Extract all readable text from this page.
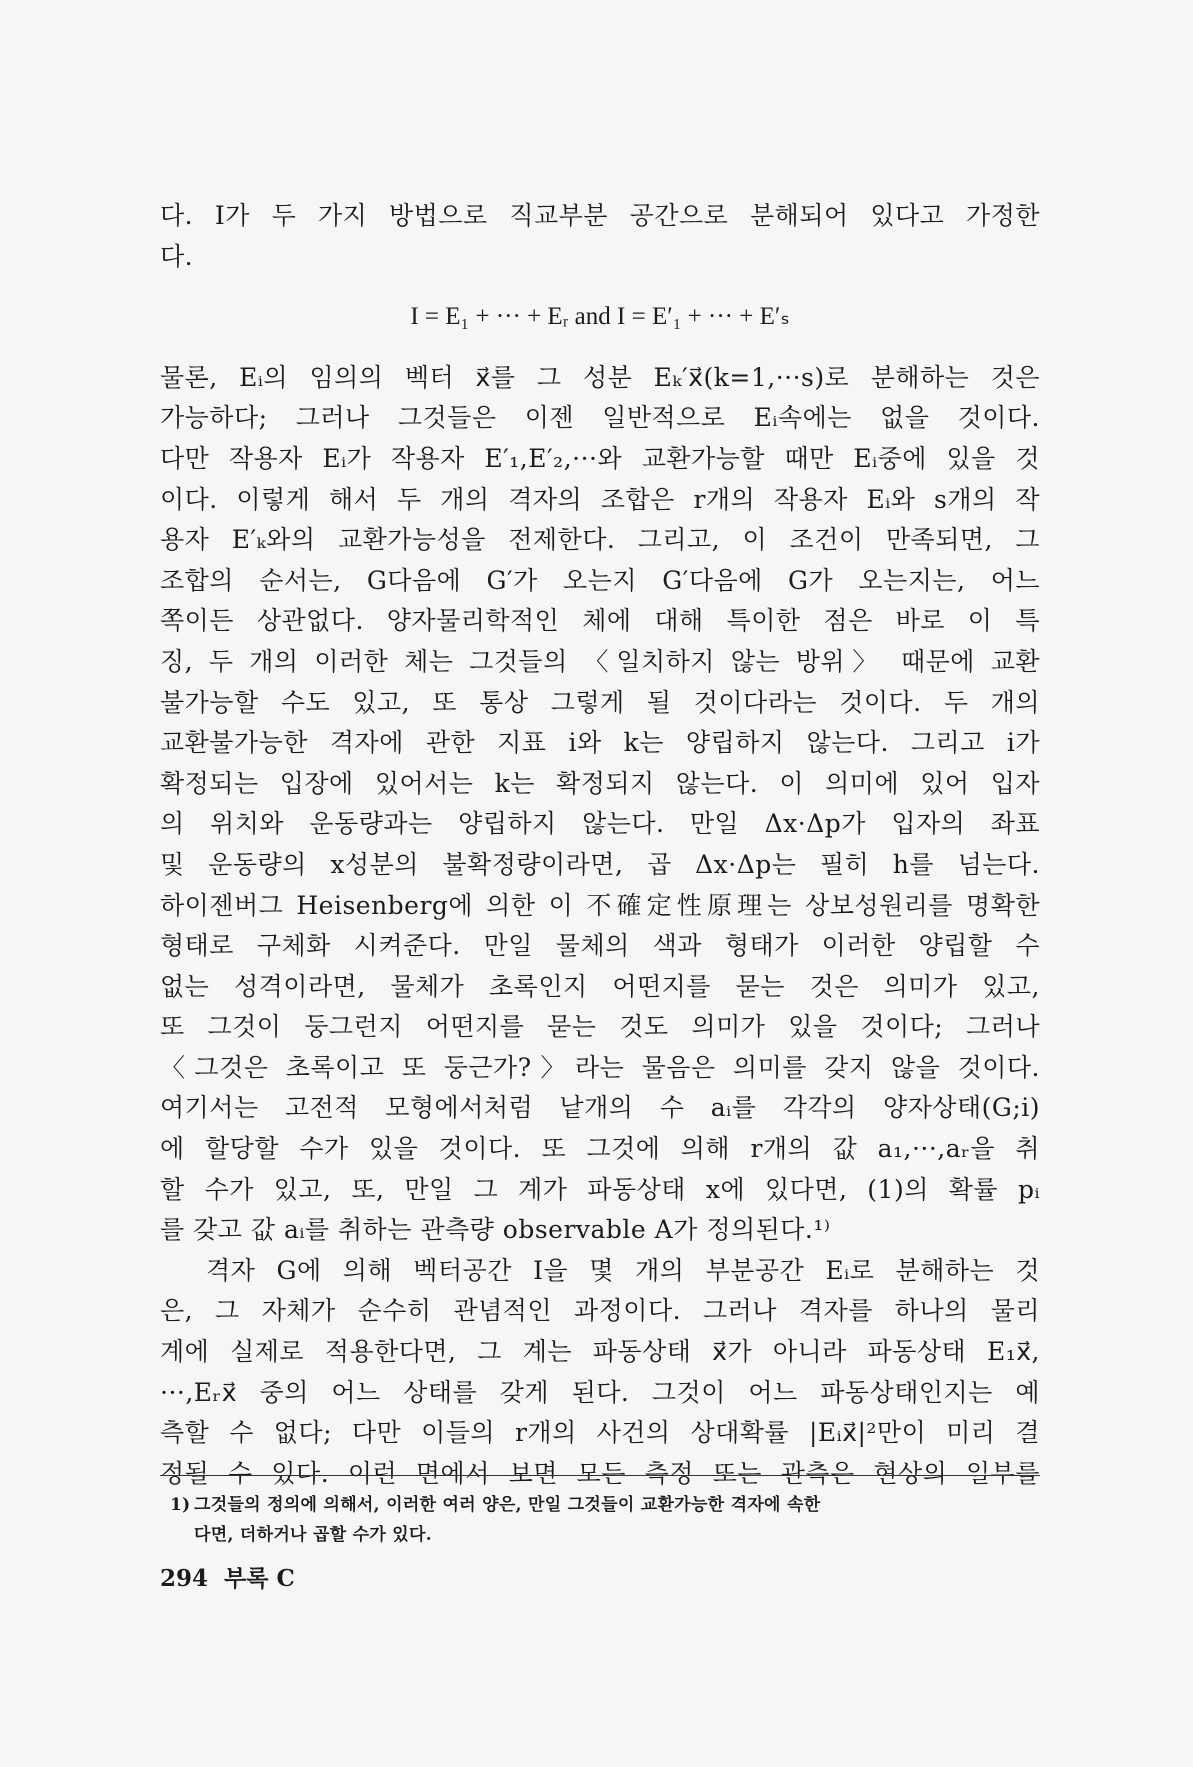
다. I가 두 가지 방법으로 직교부분 공간으로 분해되어 있다고 가정한
다.

I = E₁ + ··· + Eᵣ and I = E′₁ + ··· + E′ₛ

물론, Eᵢ의 임의의 벡터 x⃗를 그 성분 Eₖ′x⃗(k=1,···s)로 분해하는 것은
가능하다; 그러나 그것들은 이젠 일반적으로 Eᵢ속에는 없을 것이다.
다만 작용자 Eᵢ가 작용자 E′₁,E′₂,···와 교환가능할 때만 Eᵢ중에 있을 것
이다. 이렇게 해서 두 개의 격자의 조합은 r개의 작용자 Eᵢ와 s개의 작
용자 E′ₖ와의 교환가능성을 전제한다. 그리고, 이 조건이 만족되면, 그
조합의 순서는, G다음에 G′가 오는지 G′다음에 G가 오는지는, 어느
쪽이든 상관없다. 양자물리학적인 체에 대해 특이한 점은 바로 이 특
징, 두 개의 이러한 체는 그것들의 〈일치하지 않는 방위〉 때문에 교환
불가능할 수도 있고, 또 통상 그렇게 될 것이다라는 것이다. 두 개의
교환불가능한 격자에 관한 지표 i와 k는 양립하지 않는다. 그리고 i가
확정되는 입장에 있어서는 k는 확정되지 않는다. 이 의미에 있어 입자
의 위치와 운동량과는 양립하지 않는다. 만일 Δx·Δp가 입자의 좌표
및 운동량의 x성분의 불확정량이라면, 곱 Δx·Δp는 필히 h를 넘는다.
하이젠버그 Heisenberg에 의한 이 不確定性原理는 상보성원리를 명확한
형태로 구체화 시켜준다. 만일 물체의 색과 형태가 이러한 양립할 수
없는 성격이라면, 물체가 초록인지 어떤지를 묻는 것은 의미가 있고,
또 그것이 둥그런지 어떤지를 묻는 것도 의미가 있을 것이다; 그러나
〈그것은 초록이고 또 둥근가?〉라는 물음은 의미를 갖지 않을 것이다.
여기서는 고전적 모형에서처럼 낱개의 수 aᵢ를 각각의 양자상태(G;i)
에 할당할 수가 있을 것이다. 또 그것에 의해 r개의 값 a₁,···,aᵣ을 취
할 수가 있고, 또, 만일 그 계가 파동상태 x에 있다면, (1)의 확률 pᵢ
를 갖고 값 aᵢ를 취하는 관측량 observable A가 정의된다.¹⁾

격자 G에 의해 벡터공간 I을 몇 개의 부분공간 Eᵢ로 분해하는 것
은, 그 자체가 순수히 관념적인 과정이다. 그러나 격자를 하나의 물리
계에 실제로 적용한다면, 그 계는 파동상태 x⃗가 아니라 파동상태 E₁x⃗,
···,Eᵣx⃗ 중의 어느 상태를 갖게 된다. 그것이 어느 파동상태인지는 예
측할 수 없다; 다만 이들의 r개의 사건의 상대확률 |Eᵢx⃗|²만이 미리 결
정될 수 있다. 이런 면에서 보면 모든 측정 또는 관측은 현상의 일부를

1) 그것들의 정의에 의해서, 이러한 여러 양은, 만일 그것들이 교환가능한 격자에 속한
다면, 더하거나 곱할 수가 있다.
294 부록 C
